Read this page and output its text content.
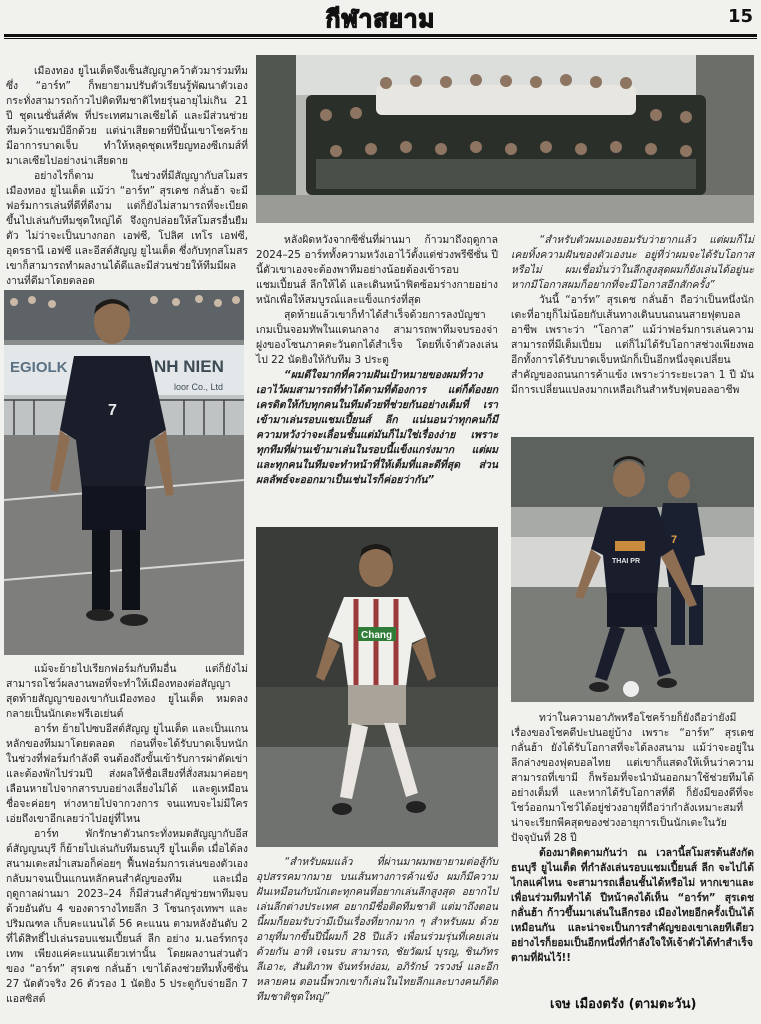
กีฬาสยาม	15

เมืองทอง ยูไนเต็ดจึงเซ็นสัญญาคว้าตัวมาร่วมทีม ซึ่ง “อาร์ท” ก็พยายามปรับตัวเรียนรู้พัฒนาตัวเองกระทั่งสามารถก้าวไปติดทีมชาติไทยรุ่นอายุไม่เกิน 21 ปี ชุดเนชั่นส์คัพ ที่ประเทศมาเลเซียได้ และมีส่วนช่วยทีมคว้าแชมป์อีกด้วย แต่น่าเสียดายที่ปีนั้นเขาโชคร้ายมีอาการบาดเจ็บ ทำให้หลุดชุดเหรียญทองซีเกมส์ที่มาเลเซียไปอย่างน่าเสียดาย

อย่างไรก็ตาม ในช่วงที่มีสัญญากับสโมสรเมืองทอง ยูไนเต็ด แม้ว่า “อาร์ท” สุรเดช กลั่นฮ้า จะมีฟอร์มการเล่นที่ดีที่ดีงาม แต่ก็ยังไม่สามารถที่จะเบียดขึ้นไปเล่นกับทีมชุดใหญ่ได้ จึงถูกปล่อยให้สโมสรอื่นยืมตัว ไม่ว่าจะเป็นบางกอก เอฟซี, โปลิศ เทโร เอฟซี, อุดรธานี เอฟซี และอีสต์สัญญ ยูไนเต็ด ซึ่งกับทุกสโมสรเขาก็สามารถทำผลงานได้ดีและมีส่วนช่วยให้ทีมมีผลงานที่ดีมาโดยตลอด

EGIOLK	NH NIEN
loor Co., Ltd
7

แม้จะย้ายไปเรียกฟอร์มกับทีมอื่น แต่ก็ยังไม่สามารถโชว์ผลงานพอที่จะทำให้เมืองทองต่อสัญญา สุดท้ายสัญญาของเขากับเมืองทอง ยูไนเต็ด หมดลง กลายเป็นนักเตะฟรีเอเย่นต์

อาร์ท ย้ายไปซบอีสต์สัญญ ยูไนเต็ด และเป็นแกนหลักของทีมมาโดยตลอด ก่อนที่จะได้รับบาดเจ็บหนักในช่วงที่ฟอร์มกำลังดี จนต้องถึงขั้นเข้ารับการผ่าตัดเข่า และต้องพักไปร่วมปี ส่งผลให้ชื่อเสียงที่สั่งสมมาค่อยๆ เลือนหายไปจากสารบบอย่างเลี่ยงไม่ได้ และดูเหมือนชื่อจะค่อยๆ ห่างหายไปจากวงการ จนแทบจะไม่มีใครเอ่ยถึงเขาอีกเลยว่าไปอยู่ที่ไหน

อาร์ท พักรักษาตัวนกระทั่งหมดสัญญากับอีสต์สัญญนบุรี ก็ย้ายไปเล่นกับทีมธนบุรี ยูไนเต็ด เมื่อได้ลงสนามเตะสม่ำเสมอก็ค่อยๆ ฟื้นฟอร์มการเล่นของตัวเองกลับมาจนเป็นแกนหลักคนสำคัญของทีม และเมื่อฤดูกาลผ่านมา 2023–24 ก็มีส่วนสำคัญช่วยพาทีมจบด้วยอันดับ 4 ของตารางไทยลีก 3 โซนกรุงเทพฯ และปริมณฑล เก็บคะแนนได้ 56 คะแนน ตามหลังอันดับ 2 ที่ได้สิทธิ์ไปเล่นรอบแชมเปี้ยนส์ ลีก อย่าง ม.นอร์ทกรุงเทพ เพียงแค่คะแนนเดียวเท่านั้น โดยผลงานส่วนตัวของ “อาร์ท” สุรเดช กลั่นฮ้า เขาได้ลงช่วยทีมทั้งซีซั่น 27 นัดตัวจริง 26 ตัวรอง 1 นัดยิง 5 ประตูกับจ่ายอีก 7 แอสซิสต์

หลังผิดหวังจากซีซั่นที่ผ่านมา ก้าวมาถึงฤดูกาล 2024–25 อาร์ททั้งความหวังเอาไว้ตั้งแต่ช่วงพรีซีซั่น ปีนี้ตัวเขาเองจะต้องพาทีมอย่างน้อยต้องเข้ารอบแชมเปี้ยนส์ ลีกให้ได้ และเดินหน้าฟิตซ้อมร่างกายอย่างหนักเพื่อให้สมบูรณ์และแข็งแกร่งที่สุด

สุดท้ายแล้วเขาก็ทำได้สำเร็จด้วยการลงบัญชาเกมเป็นจอมทัพในแดนกลาง สามารถพาทีมจบรองจ่าฝูงของโซนภาคตะวันตกได้สำเร็จ โดยที่เจ้าตัวลงเล่นไป 22 นัดยิงให้กับทีม 3 ประตู

“ผมดีใจมากที่ความฝันเป้าหมายของผมที่วางเอาไว้ผมสามารถที่ทำได้ตามที่ต้องการ แต่ก็ต้องยกเครดิตให้กับทุกคนในทีมด้วยที่ช่วยกันอย่างเต็มที่ เราเข้ามาเล่นรอบแชมเปี้ยนส์ ลีก แน่นอนว่าทุกคนก็มีความหวังว่าจะเลื่อนชั้นแต่มันก็ไม่ใช่เรื่องง่าย เพราะทุกทีมที่ผ่านเข้ามาเล่นในรอบนี้แข็งแกร่งมาก แต่ผมและทุกคนในทีมจะทำหน้าที่ให้เต็มที่และดีที่สุด ส่วนผลลัพธ์จะออกมาเป็นเช่นไรก็ค่อยว่ากัน”

Chang

“สำหรับผมแล้ว ที่ผ่านมาผมพยายามต่อสู้กับอุปสรรคมากมาย บนเส้นทางการค้าแข้ง ผมก็มีความฝันเหมือนกับนักเตะทุกคนที่อยากเล่นลีกสูงสุด อยากไปเล่นลีกต่างประเทศ อยากมีชื่อติดทีมชาติ แต่มาถึงตอนนี้ผมก็ยอมรับว่ามีเป็นเรื่องที่ยากมาก ๆ สำหรับผม ด้วยอายุที่มากขึ้นปีนี้ผมก็ 28 ปีแล้ว เพื่อนร่วมรุ่นที่เคยเล่นด้วยกัน อาทิ เจนรบ สามารถ, ชัยวัฒน์ บุรญ, ชินภัทร ลีเอาะ, สันติภาพ จันทร์หง่อม, อภิรักษ์ วรวงษ์ และอีกหลายคน ตอนนี้พวกเขาก็เล่นในไทยลีกและบางคนก็ติดทีมชาติชุดใหญ่”

“สำหรับตัวผมเองยอมรับว่ายากแล้ว แต่ผมก็ไม่เคยทิ้งความฝันของตัวเองนะ อยู่ที่ว่าผมจะได้รับโอกาสหรือไม่ ผมเชื่อมั่นว่าในลีกสูงสุดผมก็ยังเล่นได้อยู่นะ หากมีโอกาสผมก็อยากที่จะมีโอกาสอีกสักครั้ง”

วันนี้ “อาร์ท” สุรเดช กลั่นฮ้า ถือว่าเป็นหนึ่งนักเตะที่อายุก็ไม่น้อยกับเส้นทางเดินบนถนนสายฟุตบอลอาชีพ เพราะว่า “โอกาส” แม้ว่าฟอร์มการเล่นความสามารถที่มีเต็มเปี่ยม แต่ก็ไม่ได้รับโอกาสช่วงเพียงพอ อีกทั้งการได้รับบาดเจ็บหนักก็เป็นอีกหนึ่งจุดเปลี่ยนสำคัญของถนนการค้าแข้ง เพราะว่าระยะเวลา 1 ปี มันมีการเปลี่ยนแปลงมากเหลือเกินสำหรับฟุตบอลอาชีพ

7
THAI PR

ทว่าในความอาภัพหรือโชคร้ายก็ยังถือว่ายังมีเรื่องของโชคดีปะปนอยู่บ้าง เพราะ “อาร์ท” สุรเดช กลั่นฮ้า ยังได้รับโอกาสที่จะได้ลงสนาม แม้ว่าจะอยู่ในลีกล่างของฟุตบอลไทย แต่เขาก็แสดงให้เห็นว่าความสามารถที่เขามี ก็พร้อมที่จะนำมันออกมาใช้ช่วยทีมได้อย่างเต็มที่ และหากได้รับโอกาสที่ดี ก็ยังมีของดีที่จะโชว์ออกมาโชว์ได้อยู่ช่วงอายุที่ถือว่ากำลังเหมาะสมที่น่าจะเรียกพีคสุดของช่วงอายุการเป็นนักเตะในวัยปัจจุบันที่ 28 ปี

ต้องมาติดตามกันว่า ณ เวลานี้สโมสรต้นสังกัดธนบุรี ยูไนเต็ด ที่กำลังเล่นรอบแชมเปี้ยนส์ ลีก จะไปได้ไกลแค่ไหน จะสามารถเลื่อนชั้นได้หรือไม่ หากเขาและเพื่อนร่วมทีมทำได้ ปีหน้าคงได้เห็น “อาร์ท” สุรเดช กลั่นฮ้า ก้าวขึ้นมาเล่นในลีกรอง เมืองไทยอีกครั้งเป็นได้เหมือนกัน และน่าจะเป็นการสำคัญของเขาเลยทีเดียว อย่างไรก็ยอมเป็นอีกหนึ่งที่กำลังใจให้เจ้าตัวได้ทำสำเร็จตามที่ฝันไว้!!

เจษ เมืองตรัง (ตามตะวัน)
